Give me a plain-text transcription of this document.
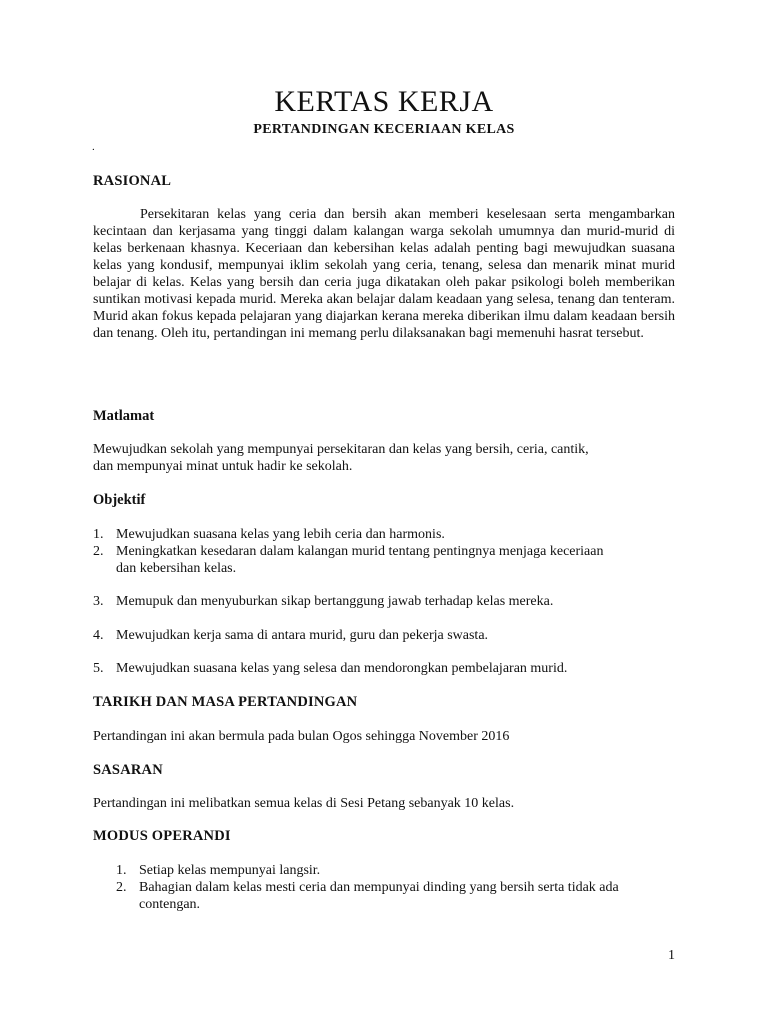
KERTAS KERJA
PERTANDINGAN KECERIAAN KELAS
.
RASIONAL
Persekitaran kelas yang ceria dan bersih akan memberi keselesaan serta mengambarkan kecintaan dan kerjasama yang tinggi dalam kalangan warga sekolah umumnya dan murid-murid di kelas berkenaan khasnya. Keceriaan dan kebersihan kelas adalah penting bagi mewujudkan suasana kelas yang kondusif, mempunyai iklim sekolah yang ceria, tenang, selesa dan menarik minat murid belajar di kelas. Kelas yang bersih dan ceria juga dikatakan oleh pakar psikologi boleh memberikan suntikan motivasi kepada murid. Mereka akan belajar dalam keadaan yang selesa, tenang dan tenteram. Murid akan fokus kepada pelajaran yang diajarkan kerana mereka diberikan ilmu dalam keadaan bersih dan tenang. Oleh itu, pertandingan ini memang perlu dilaksanakan bagi memenuhi hasrat tersebut.
Matlamat
Mewujudkan sekolah yang mempunyai persekitaran dan kelas yang bersih, ceria, cantik,
dan mempunyai minat untuk hadir ke sekolah.
Objektif
1. Mewujudkan suasana kelas yang lebih ceria dan harmonis.
2. Meningkatkan kesedaran dalam kalangan murid tentang pentingnya menjaga keceriaan
dan kebersihan kelas.
3. Memupuk dan menyuburkan sikap bertanggung jawab terhadap kelas mereka.
4. Mewujudkan kerja sama di antara murid, guru dan pekerja swasta.
5. Mewujudkan suasana kelas yang selesa dan mendorongkan pembelajaran murid.
TARIKH DAN MASA PERTANDINGAN
Pertandingan ini akan bermula pada bulan Ogos sehingga November 2016
SASARAN
Pertandingan ini melibatkan semua kelas di Sesi Petang sebanyak 10 kelas.
MODUS OPERANDI
1. Setiap kelas mempunyai langsir.
2. Bahagian dalam kelas mesti ceria dan mempunyai dinding yang bersih serta tidak ada
contengan.
1
